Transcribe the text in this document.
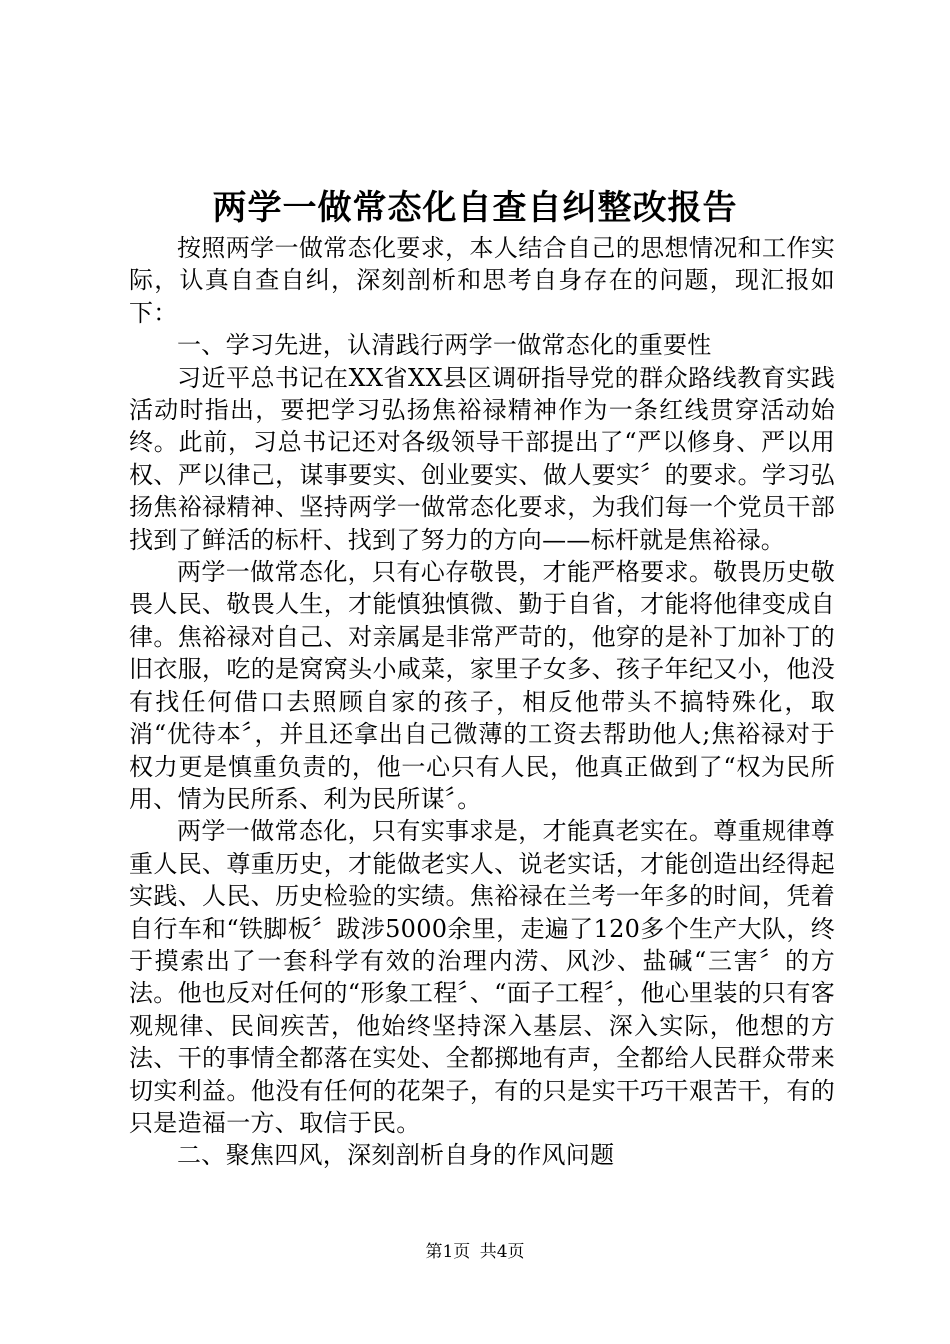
两学一做常态化自查自纠整改报告

按照两学一做常态化要求，本人结合自己的思想情况和工作实际，认真自查自纠，深刻剖析和思考自身存在的问题，现汇报如下：

一、学习先进，认清践行两学一做常态化的重要性

习近平总书记在XX省XX县区调研指导党的群众路线教育实践活动时指出，要把学习弘扬焦裕禄精神作为一条红线贯穿活动始终。此前，习总书记还对各级领导干部提出了“严以修身、严以用权、严以律己，谋事要实、创业要实、做人要实〞的要求。学习弘扬焦裕禄精神、坚持两学一做常态化要求，为我们每一个党员干部找到了鲜活的标杆、找到了努力的方向——标杆就是焦裕禄。

两学一做常态化，只有心存敬畏，才能严格要求。敬畏历史敬畏人民、敬畏人生，才能慎独慎微、勤于自省，才能将他律变成自律。焦裕禄对自己、对亲属是非常严苛的，他穿的是补丁加补丁的旧衣服，吃的是窝窝头小咸菜，家里子女多、孩子年纪又小，他没有找任何借口去照顾自家的孩子，相反他带头不搞特殊化，取消“优待本〞，并且还拿出自己微薄的工资去帮助他人;焦裕禄对于权力更是慎重负责的，他一心只有人民，他真正做到了“权为民所用、情为民所系、利为民所谋〞。

两学一做常态化，只有实事求是，才能真老实在。尊重规律尊重人民、尊重历史，才能做老实人、说老实话，才能创造出经得起实践、人民、历史检验的实绩。焦裕禄在兰考一年多的时间，凭着自行车和“铁脚板〞跋涉5000余里，走遍了120多个生产大队，终于摸索出了一套科学有效的治理内涝、风沙、盐碱“三害〞的方法。他也反对任何的“形象工程〞、“面子工程〞，他心里装的只有客观规律、民间疾苦，他始终坚持深入基层、深入实际，他想的方法、干的事情全都落在实处、全都掷地有声，全都给人民群众带来切实利益。他没有任何的花架子，有的只是实干巧干艰苦干，有的只是造福一方、取信于民。

二、聚焦四风，深刻剖析自身的作风问题

第1页 共4页
